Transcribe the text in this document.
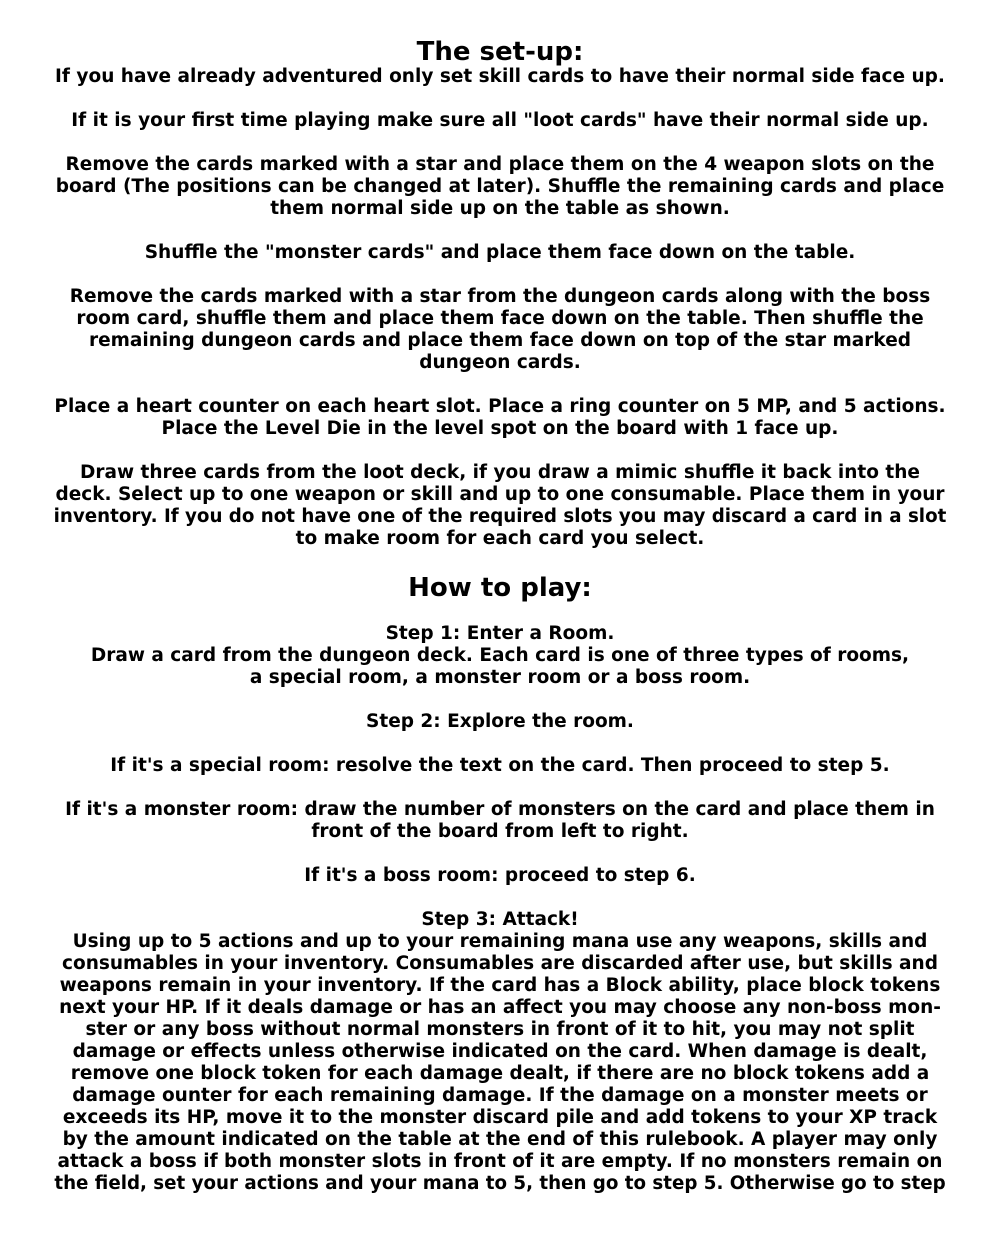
The set-up:

If you have already adventured only set skill cards to have their normal side face up.

If it is your first time playing make sure all "loot cards" have their normal side up.

Remove the cards marked with a star and place them on the 4 weapon slots on the
board (The positions can be changed at later). Shuffle the remaining cards and place
them normal side up on the table as shown.

Shuffle the "monster cards" and place them face down on the table.

Remove the cards marked with a star from the dungeon cards along with the boss
room card, shuffle them and place them face down on the table. Then shuffle the
remaining dungeon cards and place them face down on top of the star marked
dungeon cards.

Place a heart counter on each heart slot. Place a ring counter on 5 MP, and 5 actions.
Place the Level Die in the level spot on the board with 1 face up.

Draw three cards from the loot deck, if you draw a mimic shuffle it back into the
deck. Select up to one weapon or skill and up to one consumable. Place them in your
inventory. If you do not have one of the required slots you may discard a card in a slot
to make room for each card you select.

How to play:

Step 1: Enter a Room.
Draw a card from the dungeon deck. Each card is one of three types of rooms,
a special room, a monster room or a boss room.

Step 2: Explore the room.

If it's a special room: resolve the text on the card. Then proceed to step 5.

If it's a monster room: draw the number of monsters on the card and place them in
front of the board from left to right.

If it's a boss room: proceed to step 6.

Step 3: Attack!
Using up to 5 actions and up to your remaining mana use any weapons, skills and
consumables in your inventory. Consumables are discarded after use, but skills and
weapons remain in your inventory. If the card has a Block ability, place block tokens
next your HP. If it deals damage or has an affect you may choose any non-boss mon-
ster or any boss without normal monsters in front of it to hit, you may not split
damage or effects unless otherwise indicated on the card. When damage is dealt,
remove one block token for each damage dealt, if there are no block tokens add a
damage ounter for each remaining damage. If the damage on a monster meets or
exceeds its HP, move it to the monster discard pile and add tokens to your XP track
by the amount indicated on the table at the end of this rulebook. A player may only
attack a boss if both monster slots in front of it are empty. If no monsters remain on
the field, set your actions and your mana to 5, then go to step 5. Otherwise go to step
